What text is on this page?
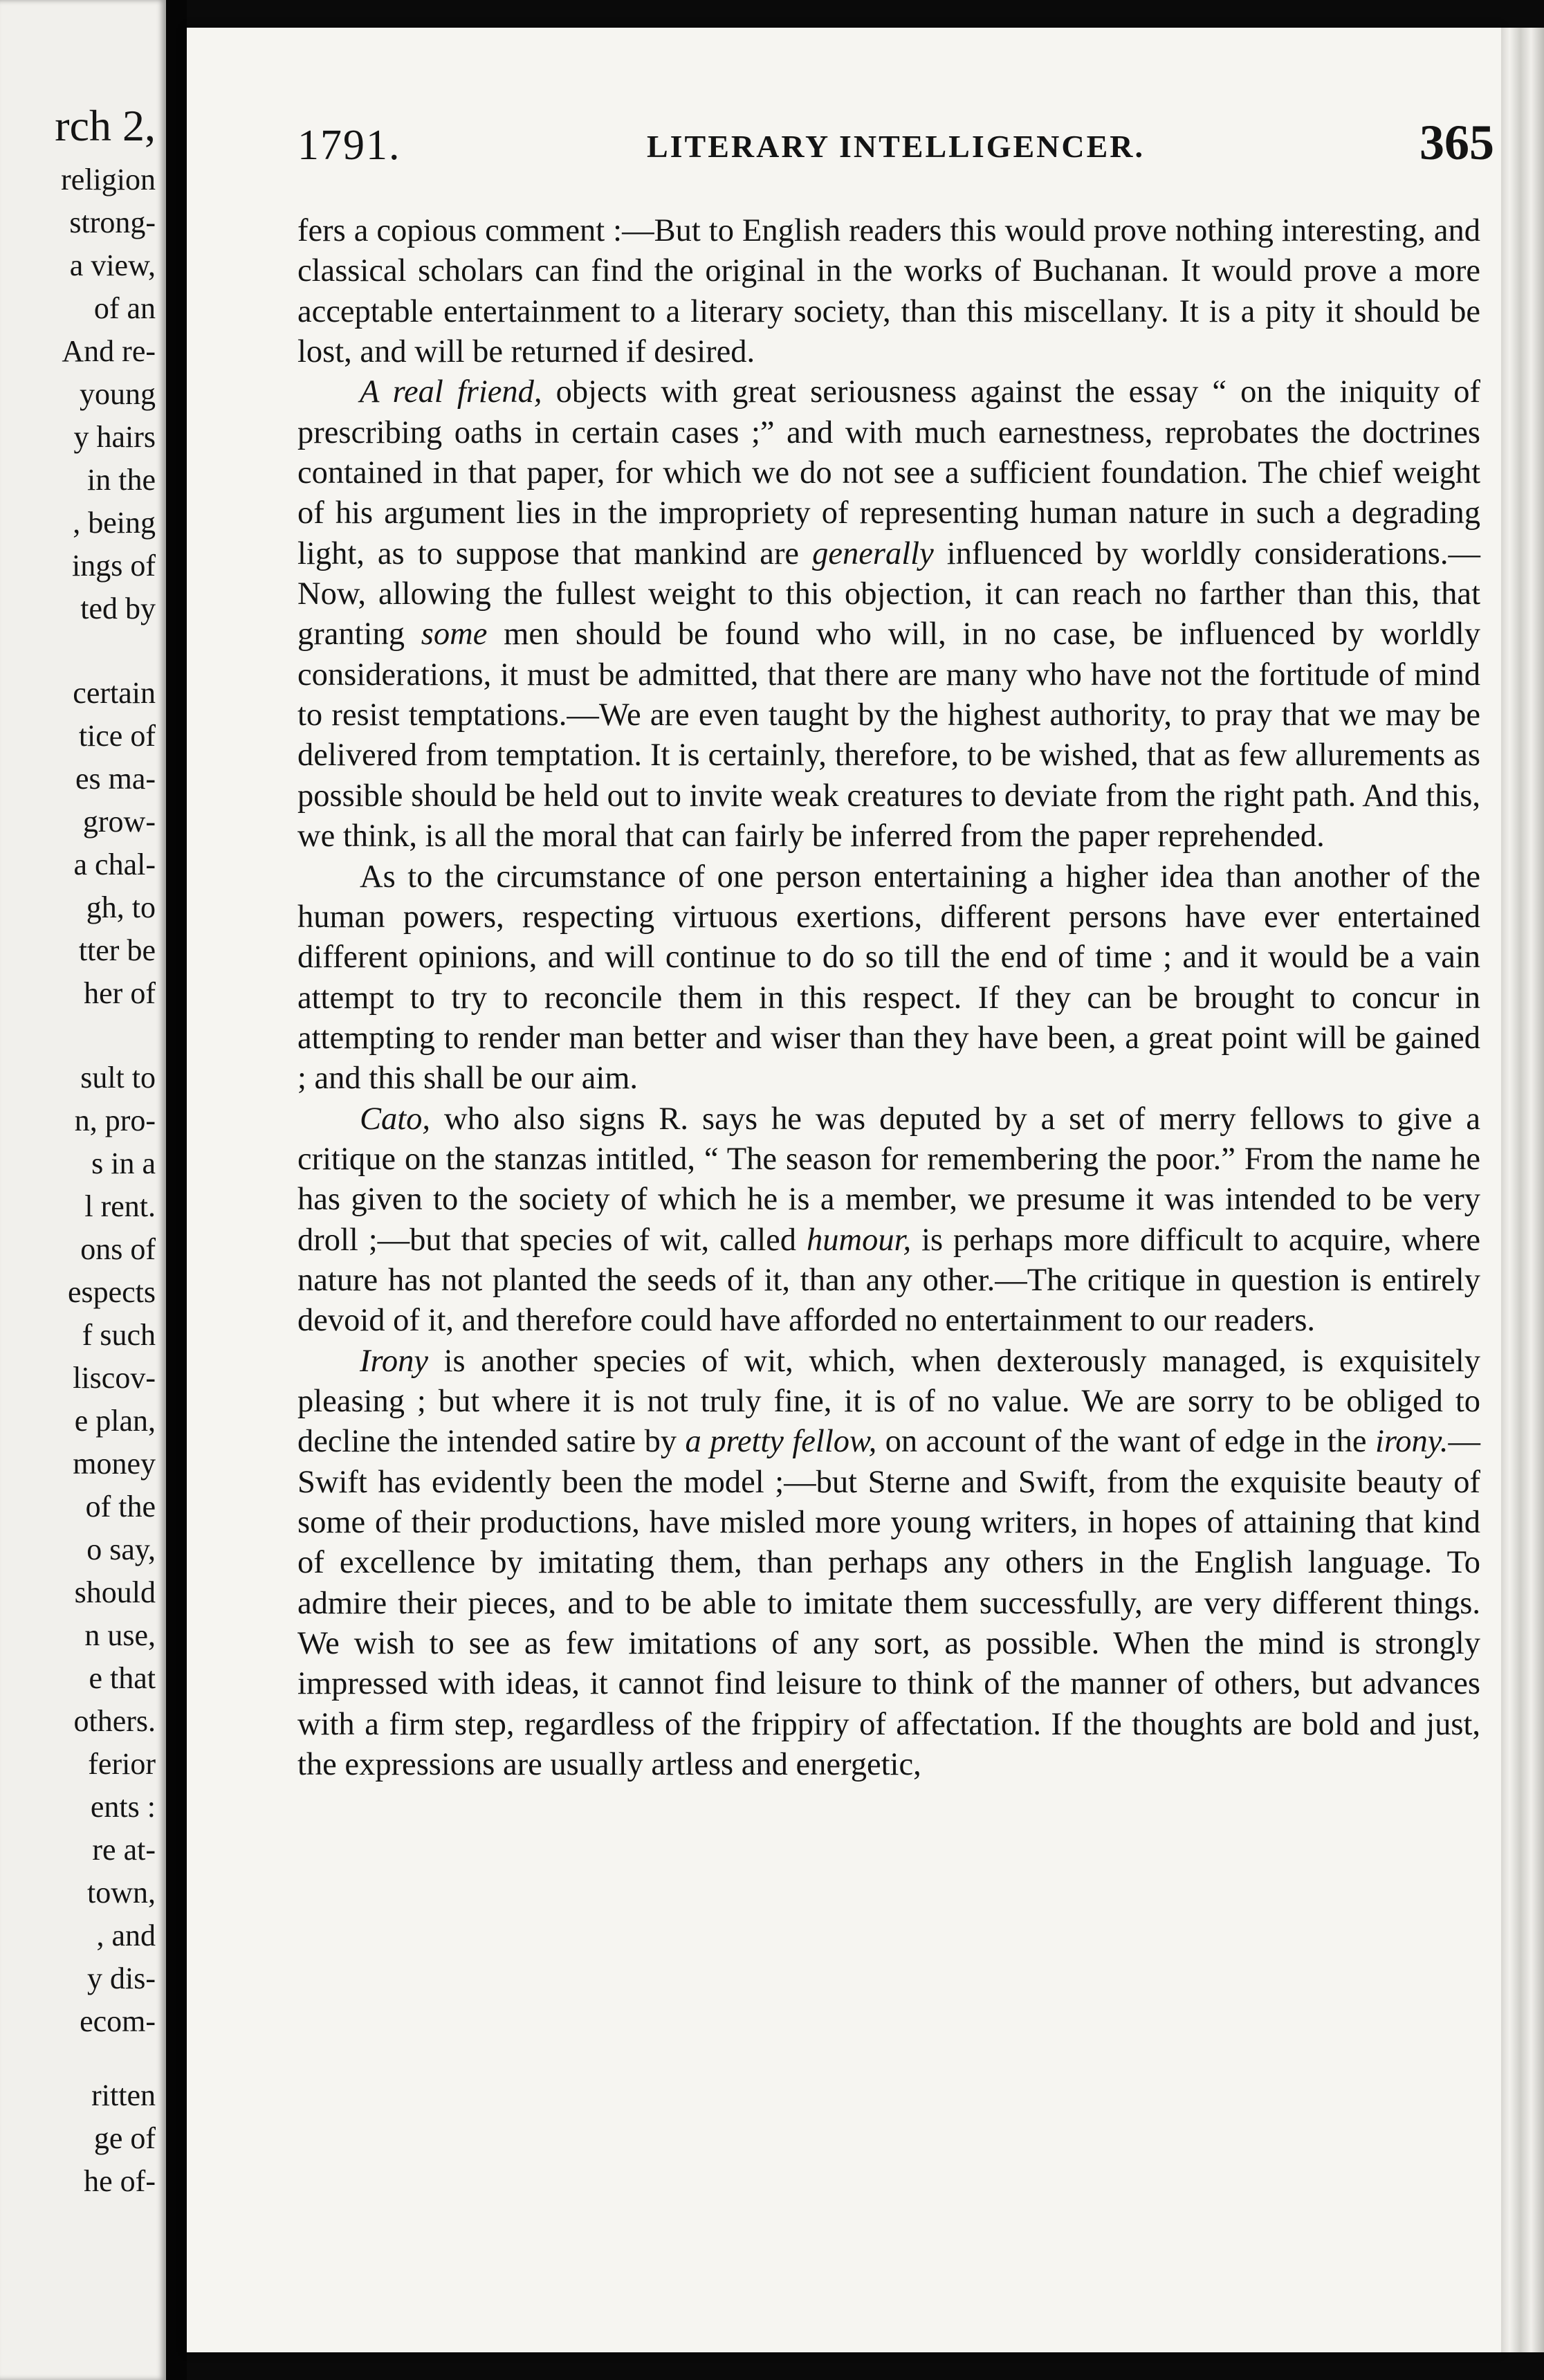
rch 2,
religion
strong-
a view,
of an
And re-
young
y hairs
in the
, being
ings of
ted by
certain
tice of
es ma-
grow-
a chal-
gh, to
tter be
her of
sult to
n, pro-
s in a
l rent.
ons of
espects
f such
liscov-
e plan,
money
of the
o say,
should
n use,
e that
others.
ferior
ents :
re at-
town,
, and
y dis-
ecom-
ritten
ge of
he of-
1791.	LITERARY INTELLIGENCER.	365

fers a copious comment :—But to English readers this would prove nothing interesting, and classical scholars can find the original in the works of Buchanan. It would prove a more acceptable entertainment to a literary society, than this miscellany. It is a pity it should be lost, and will be returned if desired.

A real friend, objects with great seriousness against the essay “ on the iniquity of prescribing oaths in certain cases ;” and with much earnestness, reprobates the doctrines contained in that paper, for which we do not see a sufficient foundation. The chief weight of his argument lies in the impropriety of representing human nature in such a degrading light, as to suppose that mankind are generally influenced by worldly considerations.—Now, allowing the fullest weight to this objection, it can reach no farther than this, that granting some men should be found who will, in no case, be influenced by worldly considerations, it must be admitted, that there are many who have not the fortitude of mind to resist temptations.—We are even taught by the highest authority, to pray that we may be delivered from temptation. It is certainly, therefore, to be wished, that as few allurements as possible should be held out to invite weak creatures to deviate from the right path. And this, we think, is all the moral that can fairly be inferred from the paper reprehended.

As to the circumstance of one person entertaining a higher idea than another of the human powers, respecting virtuous exertions, different persons have ever entertained different opinions, and will continue to do so till the end of time ; and it would be a vain attempt to try to reconcile them in this respect. If they can be brought to concur in attempting to render man better and wiser than they have been, a great point will be gained ; and this shall be our aim.

Cato, who also signs R. says he was deputed by a set of merry fellows to give a critique on the stanzas intitled, “ The season for remembering the poor.” From the name he has given to the society of which he is a member, we presume it was intended to be very droll ;—but that species of wit, called humour, is perhaps more difficult to acquire, where nature has not planted the seeds of it, than any other.—The critique in question is entirely devoid of it, and therefore could have afforded no entertainment to our readers.

Irony is another species of wit, which, when dexterously managed, is exquisitely pleasing ; but where it is not truly fine, it is of no value. We are sorry to be obliged to decline the intended satire by a pretty fellow, on account of the want of edge in the irony.—Swift has evidently been the model ;—but Sterne and Swift, from the exquisite beauty of some of their productions, have misled more young writers, in hopes of attaining that kind of excellence by imitating them, than perhaps any others in the English language. To admire their pieces, and to be able to imitate them successfully, are very different things. We wish to see as few imitations of any sort, as possible. When the mind is strongly impressed with ideas, it cannot find leisure to think of the manner of others, but advances with a firm step, regardless of the frippiry of affectation. If the thoughts are bold and just, the expressions are usually artless and energetic,
